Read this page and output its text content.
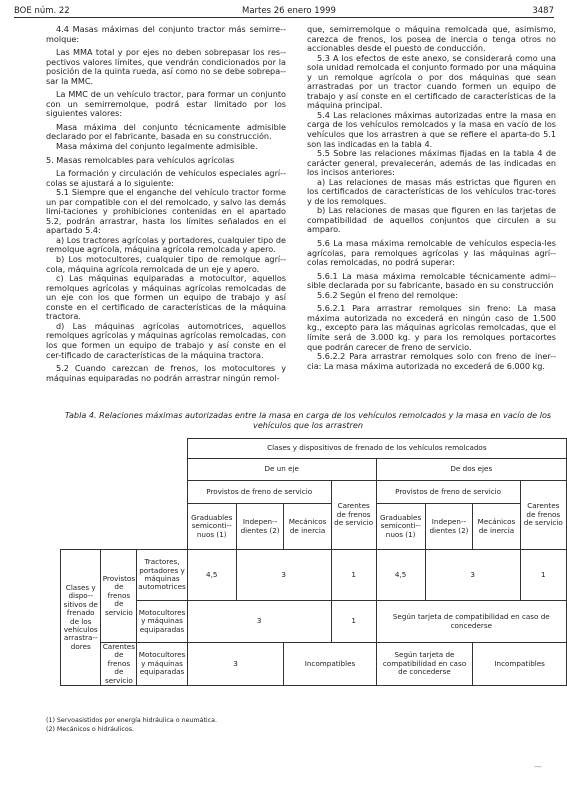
BOE núm. 22	Martes 26 enero 1999	3487

4.4 Masas máximas del conjunto tractor más semirre-molque:

Las MMA total y por ejes no deben sobrepasar los res-pectivos valores límites, que vendrán condicionados por la posición de la quinta rueda, así como no se debe sobrepa-sar la MMC.

La MMC de un vehículo tractor, para formar un conjunto con un semirremolque, podrá estar limitado por los siguientes valores:

Masa máxima del conjunto técnicamente admisible declarado por el fabricante, basada en su construcción.

Masa máxima del conjunto legalmente admisible.

5. Masas remolcables para vehículos agrícolas

La formación y circulación de vehículos especiales agrí-colas se ajustará a lo siguiente:

5.1 Siempre que el enganche del vehículo tractor forme un par compatible con el del remolcado, y salvo las demás limi-taciones y prohibiciones contenidas en el apartado 5.2, podrán arrastrar, hasta los límites señalados en el apartado 5.4:

a) Los tractores agrícolas y portadores, cualquier tipo de remolque agrícola, máquina agrícola remolcada y apero.

b) Los motocultores, cualquier tipo de remolque agrí-cola, máquina agrícola remolcada de un eje y apero.

c) Las máquinas equiparadas a motocultor, aquellos remolques agrícolas y máquinas agrícolas remolcadas de un eje con los que formen un equipo de trabajo y así conste en el certificado de características de la máquina tractora.

d) Las máquinas agrícolas automotrices, aquellos remolques agrícolas y máquinas agrícolas remolcadas, con los que formen un equipo de trabajo y así conste en el cer-tificado de características de la máquina tractora.

5.2 Cuando carezcan de frenos, los motocultores y máquinas equiparadas no podrán arrastrar ningún remol-

que, semirremolque o máquina remolcada que, asimismo, carezca de frenos, los posea de inercia o tenga otros no accionables desde el puesto de conducción.

5.3 A los efectos de este anexo, se considerará como una sola unidad remolcada el conjunto formado por una máquina y un remolque agrícola o por dos máquinas que sean arrastradas por un tractor cuando formen un equipo de trabajo y así conste en el certificado de características de la máquina principal.

5.4 Las relaciones máximas autorizadas entre la masa en carga de los vehículos remolcados y la masa en vacío de los vehículos que los arrastren a que se refiere el aparta-do 5.1 son las indicadas en la tabla 4.

5.5 Sobre las relaciones máximas fijadas en la tabla 4 de carácter general, prevalecerán, además de las indicadas en los incisos anteriores:

a) Las relaciones de masas más estrictas que figuren en los certificados de características de los vehículos trac-tores y de los remolques.

b) Las relaciones de masas que figuren en las tarjetas de compatibilidad de aquellos conjuntos que circulen a su amparo.

5.6 La masa máxima remolcable de vehículos especia-les agrícolas, para remolques agrícolas y las máquinas agrí-colas remolcadas, no podrá superar:

5.6.1 La masa máxima remolcable técnicamente admi-sible declarada por su fabricante, basado en su construcción

5.6.2 Según el freno del remolque:

5.6.2.1 Para arrastrar remolques sin freno: La masa máxima autorizada no excederá en ningún caso de 1.500 kg., excepto para las máquinas agrícolas remolcadas, que el límite será de 3.000 kg. y para los remolques portacortes que podrán carecer de freno de servicio.

5.6.2.2 Para arrastrar remolques solo con freno de iner-cia: La masa máxima autorizada no excederá de 6.000 kg.

Tabla 4. Relaciones máximas autorizadas entre la masa en carga de los vehículos remolcados y la masa en vacío de los vehículos que los arrastren
			Clases y dispositivos de frenado de los vehículos remolcados							
			De un eje				De dos ejes			
			Provistos de freno de servicio			Carentes de frenos de servicio	Provistos de freno de servicio			Carentes de frenos de servicio
			Graduables semiconti-nuos (1)	Indepen-dientes (2)	Mecánicos de inercia		Graduables semiconti-nuos (1)	Indepen-dientes (2)	Mecánicos de inercia	
Clases y dispo-sitivos de frenado de los vehículos arrastra-dores	Provistos de frenos de servicio	Tractores, portadores y máquinas automotrices	4,5	3		1	4,5	3		1
		Motocultores y máquinas equiparadas	3			1	Según tarjeta de compatibilidad en caso de concederse			
	Carentes de frenos de servicio	Motocultores y máquinas equiparadas	3		Incompatibles		Según tarjeta de compatibilidad en caso de concederse		Incompatibles	
(1) Servoasistidos por energía hidráulica o neumática.
(2) Mecánicos o hidráulicos.
—
